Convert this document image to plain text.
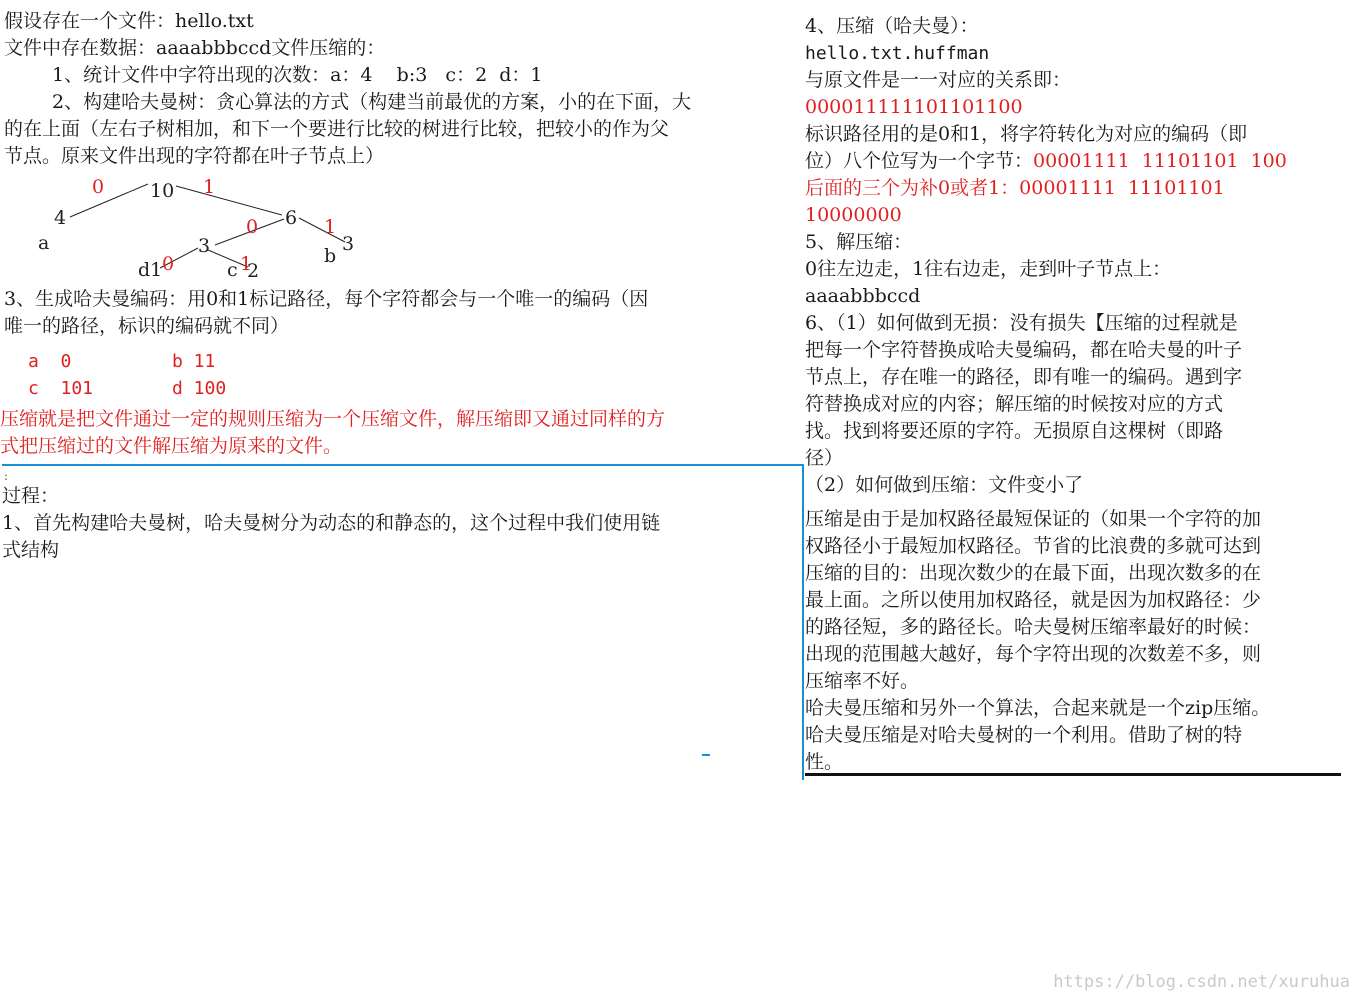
假设存在一个文件：hello.txt
文件中存在数据：aaaabbbccd文件压缩的：
1、统计文件中字符出现的次数：a：4    b:3   c：2  d：1
2、构建哈夫曼树：贪心算法的方式（构建当前最优的方案，小的在下面，大
的在上面（左右子树相加，和下一个要进行比较的树进行比较，把较小的作为父
节点。原来文件出现的字符都在叶子节点上）
10
4
a
6
3	3
b
d1	c 2
0	1
0	1
0	1
3、生成哈夫曼编码：用0和1标记路径，每个字符都会与一个唯一的编码（因
唯一的路径，标识的编码就不同）
a  0	b 11
c  101	d 100
压缩就是把文件通过一定的规则压缩为一个压缩文件，解压缩即又通过同样的方
式把压缩过的文件解压缩为原来的文件。
:
过程：
1、首先构建哈夫曼树，哈夫曼树分为动态的和静态的，这个过程中我们使用链
式结构
4、压缩（哈夫曼）：
hello.txt.huffman
与原文件是一一对应的关系即：
000011111101101100
标识路径用的是0和1，将字符转化为对应的编码（即
位）八个位写为一个字节：00001111  11101101  100
后面的三个为补0或者1：00001111  11101101
10000000
5、解压缩：
0往左边走，1往右边走，走到叶子节点上：
aaaabbbccd
6、（1）如何做到无损：没有损失【压缩的过程就是
把每一个字符替换成哈夫曼编码，都在哈夫曼的叶子
节点上，存在唯一的路径，即有唯一的编码。遇到字
符替换成对应的内容；解压缩的时候按对应的方式
找。找到将要还原的字符。无损原自这棵树（即路
径）
（2）如何做到压缩：文件变小了
压缩是由于是加权路径最短保证的（如果一个字符的加
权路径小于最短加权路径。节省的比浪费的多就可达到
压缩的目的：出现次数少的在最下面，出现次数多的在
最上面。之所以使用加权路径，就是因为加权路径：少
的路径短，多的路径长。哈夫曼树压缩率最好的时候：
出现的范围越大越好，每个字符出现的次数差不多，则
压缩率不好。
哈夫曼压缩和另外一个算法，合起来就是一个zip压缩。
哈夫曼压缩是对哈夫曼树的一个利用。借助了树的特
性。
https://blog.csdn.net/xuruhua
